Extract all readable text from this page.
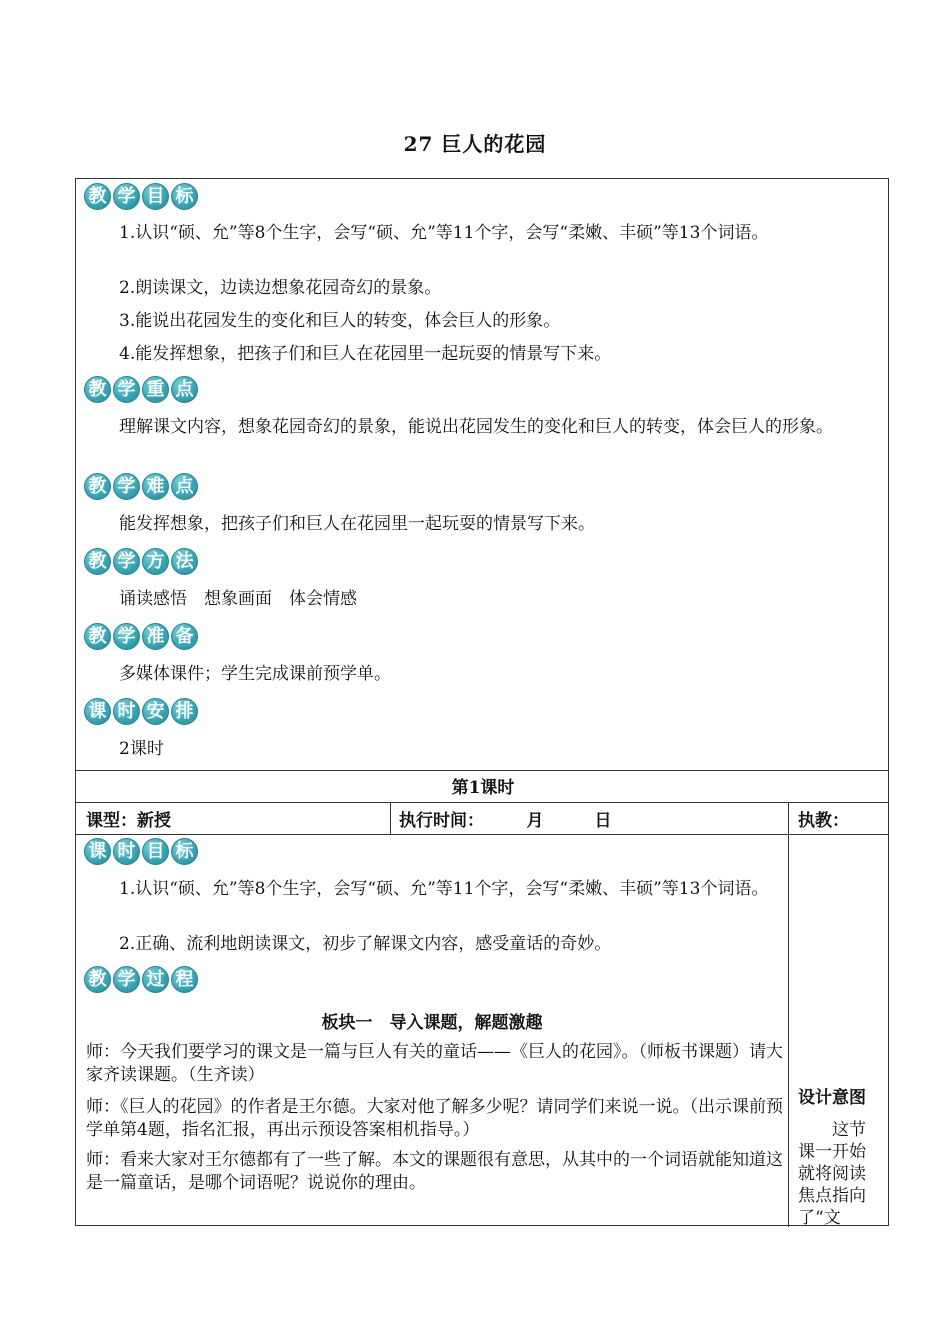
27 巨人的花园
教 学 目 标
1.认识“硕、允”等8个生字，会写“硕、允”等11个字，会写“柔嫩、丰硕”等13个词语。
2.朗读课文，边读边想象花园奇幻的景象。
3.能说出花园发生的变化和巨人的转变，体会巨人的形象。
4.能发挥想象，把孩子们和巨人在花园里一起玩耍的情景写下来。
教 学 重 点
理解课文内容，想象花园奇幻的景象，能说出花园发生的变化和巨人的转变，体会巨人的形象。
教 学 难 点
能发挥想象，把孩子们和巨人在花园里一起玩耍的情景写下来。
教 学 方 法
诵读感悟　想象画面　体会情感
教 学 准 备
多媒体课件；学生完成课前预学单。
课 时 安 排
2课时
第1课时
课型：新授	执行时间：　　　月　　　日	执教：
课 时 目 标
1.认识“硕、允”等8个生字，会写“硕、允”等11个字，会写“柔嫩、丰硕”等13个词语。
2.正确、流利地朗读课文，初步了解课文内容，感受童话的奇妙。
教 学 过 程
板块一　导入课题，解题激趣
师：今天我们要学习的课文是一篇与巨人有关的童话——《巨人的花园》。（师板书课题）请大家齐读课题。（生齐读）
师：《巨人的花园》的作者是王尔德。大家对他了解多少呢？请同学们来说一说。（出示课前预学单第4题，指名汇报，再出示预设答案相机指导。）
师：看来大家对王尔德都有了一些了解。本文的课题很有意思，从其中的一个词语就能知道这是一篇童话，是哪个词语呢？说说你的理由。
设计意图
这节课一开始就将阅读焦点指向了“文
